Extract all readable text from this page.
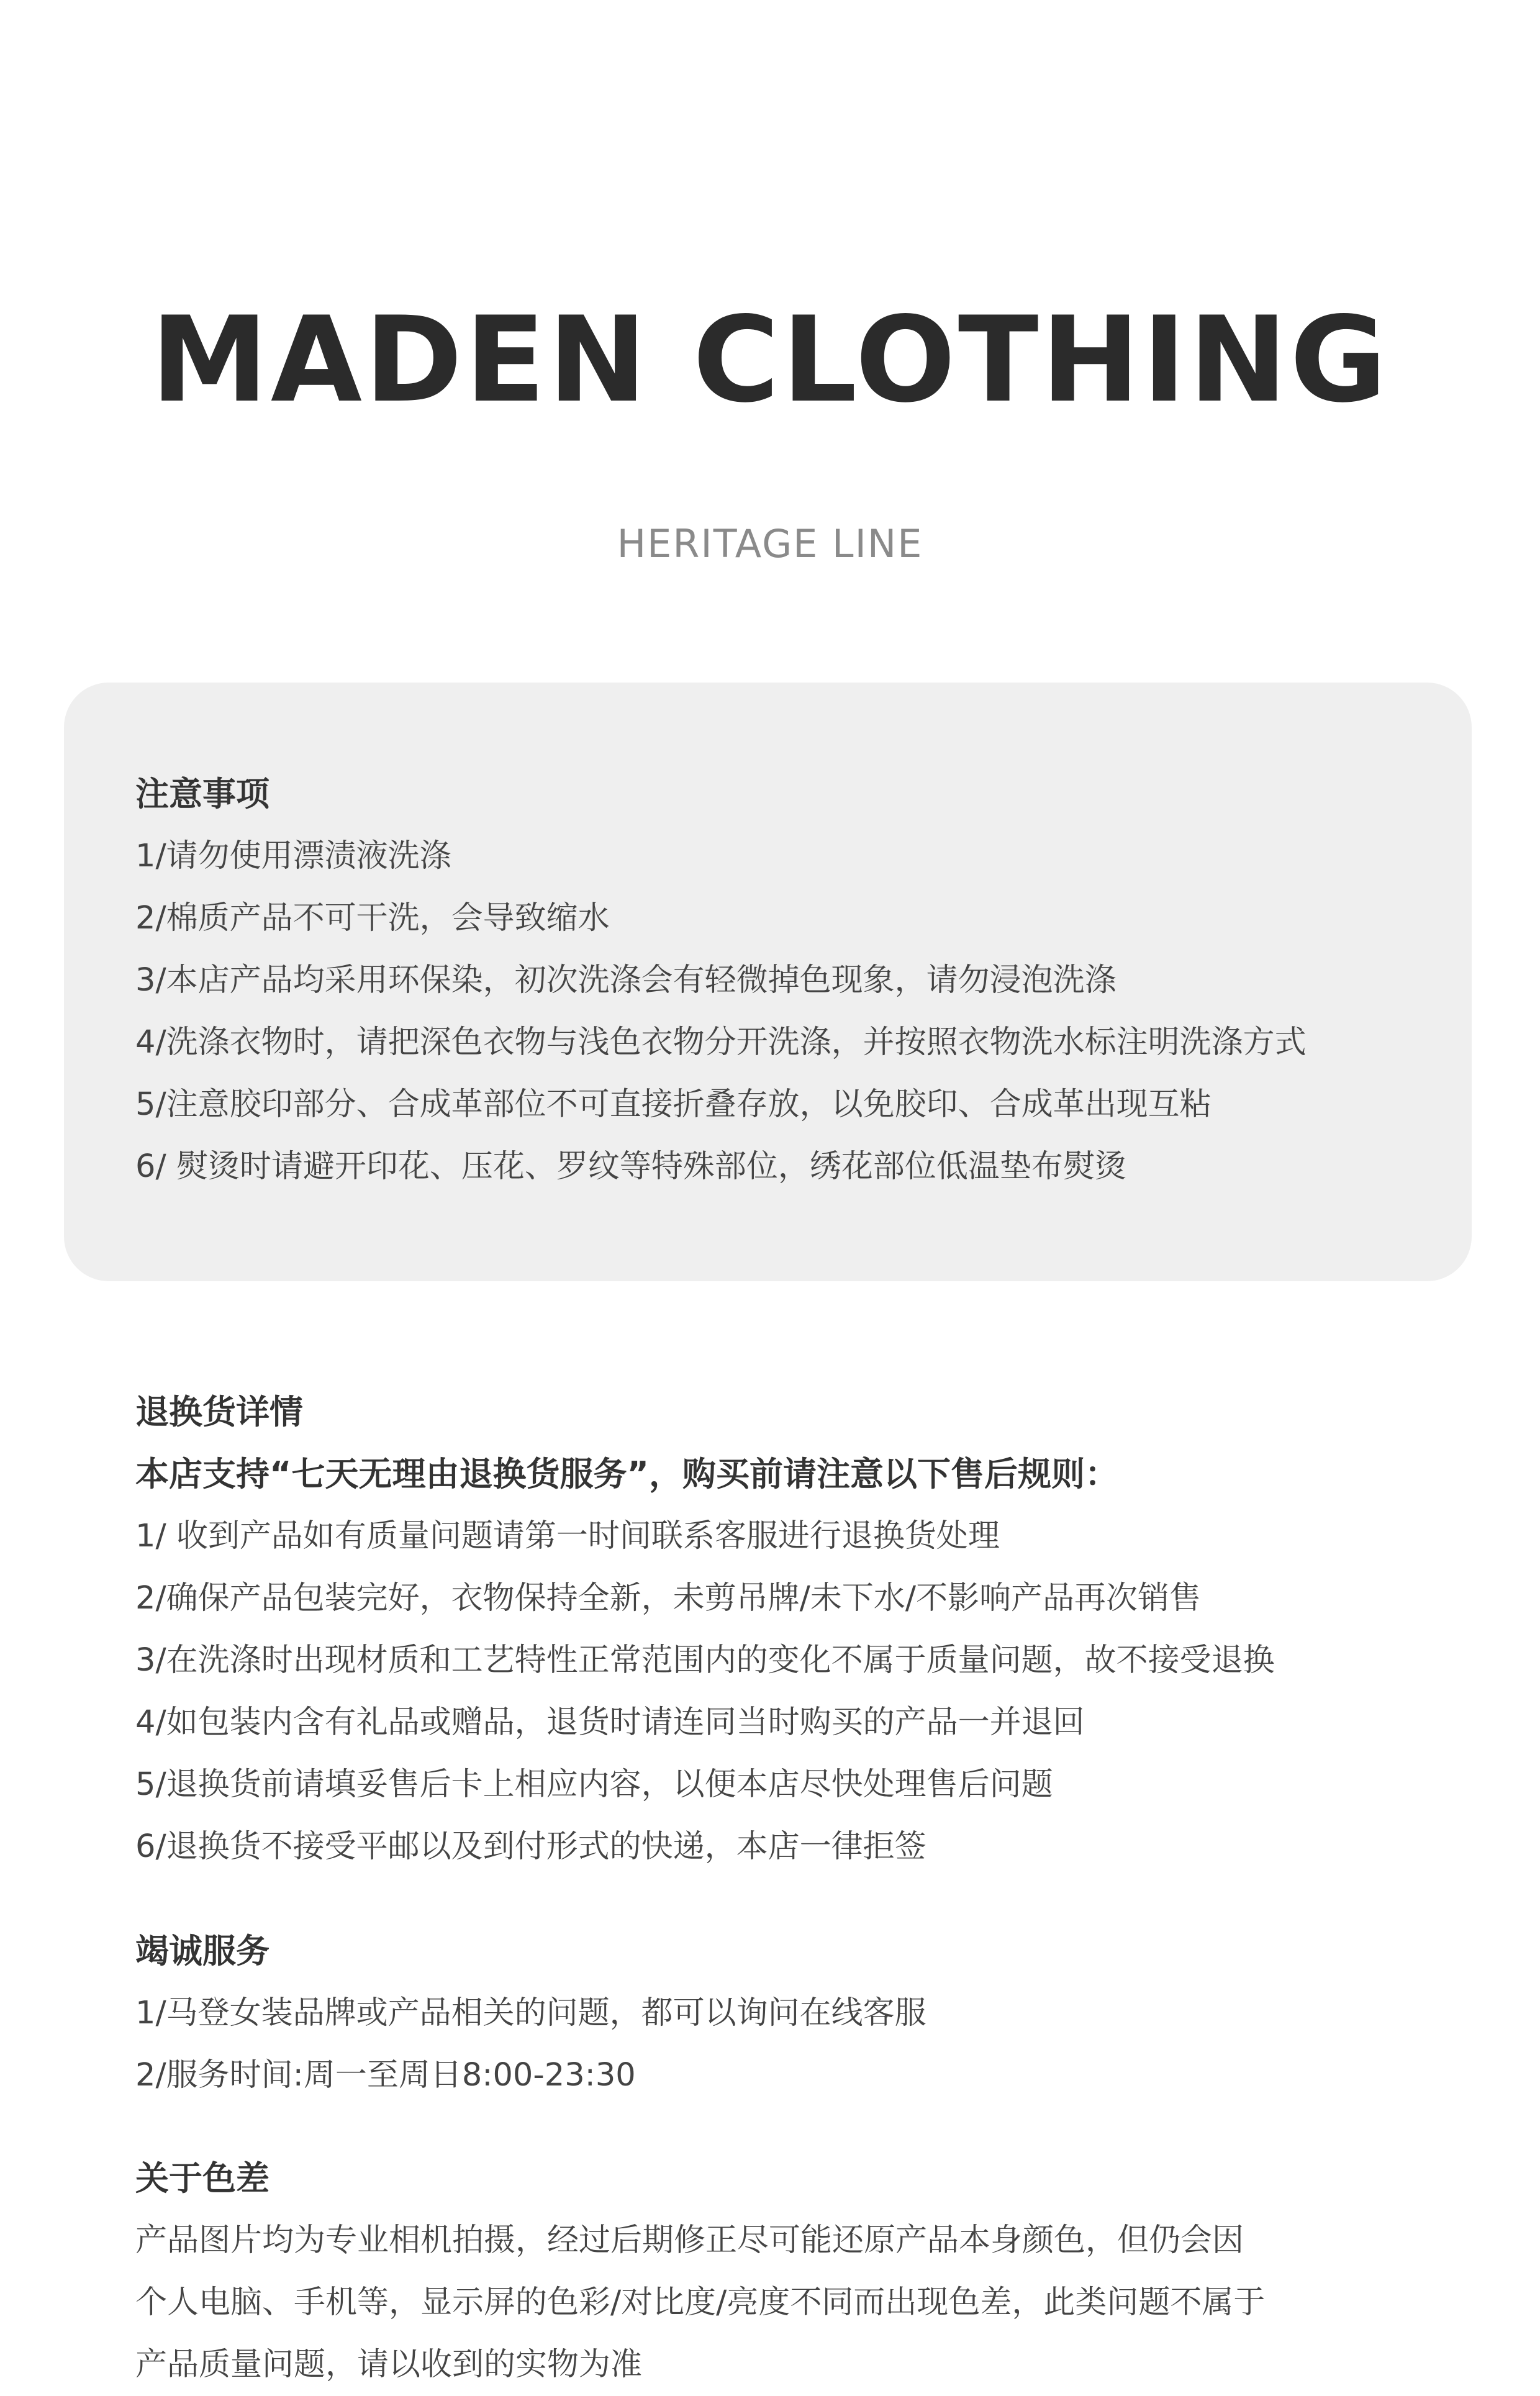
MADEN CLOTHING
HERITAGE LINE
注意事项
1/请勿使用漂渍液洗涤
2/棉质产品不可干洗，会导致缩水
3/本店产品均采用环保染，初次洗涤会有轻微掉色现象，请勿浸泡洗涤
4/洗涤衣物时，请把深色衣物与浅色衣物分开洗涤，并按照衣物洗水标注明洗涤方式
5/注意胶印部分、合成革部位不可直接折叠存放，以免胶印、合成革出现互粘
6/ 熨烫时请避开印花、压花、罗纹等特殊部位，绣花部位低温垫布熨烫
退换货详情
本店支持“七天无理由退换货服务”，购买前请注意以下售后规则：
1/ 收到产品如有质量问题请第一时间联系客服进行退换货处理
2/确保产品包装完好，衣物保持全新，未剪吊牌/未下水/不影响产品再次销售
3/在洗涤时出现材质和工艺特性正常范围内的变化不属于质量问题，故不接受退换
4/如包装内含有礼品或赠品，退货时请连同当时购买的产品一并退回
5/退换货前请填妥售后卡上相应内容，以便本店尽快处理售后问题
6/退换货不接受平邮以及到付形式的快递，本店一律拒签
竭诚服务
1/马登女装品牌或产品相关的问题，都可以询问在线客服
2/服务时间:周一至周日8:00-23:30
关于色差
产品图片均为专业相机拍摄，经过后期修正尽可能还原产品本身颜色，但仍会因
个人电脑、手机等，显示屏的色彩/对比度/亮度不同而出现色差，此类问题不属于
产品质量问题，请以收到的实物为准
